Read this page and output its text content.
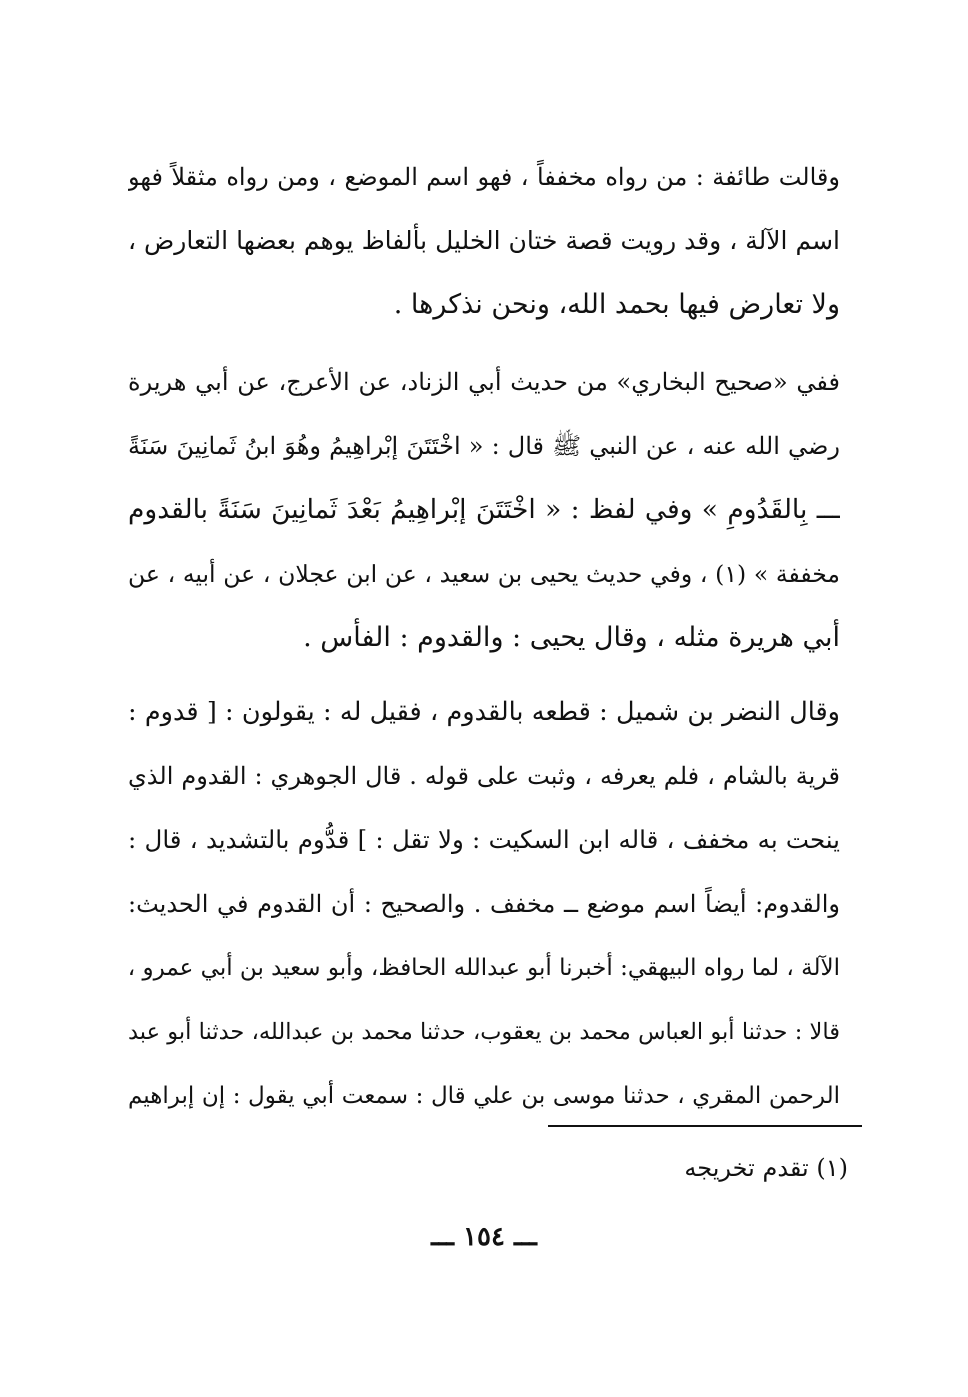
وقالت طائفة : من رواه مخففاً ، فهو اسم الموضع ، ومن رواه مثقلاً فهو
اسم الآلة ، وقد رويت قصة ختان الخليل بألفاظ يوهم بعضها التعارض ،
ولا تعارض فيها بحمد الله، ونحن نذكرها .
ففي «صحيح البخاري» من حديث أبي الزناد، عن الأعرج، عن أبي هريرة
رضي الله عنه ، عن النبي ﷺ قال : « اخْتَتَنَ إبْراهِيمُ وهُوَ ابنُ ثَمانِينَ سَنَةً
ـــ بِالقَدُومِ » وفي لفظ : « اخْتَتَنَ إبْراهِيمُ بَعْدَ ثَمانِينَ سَنَةً بالقدوم
مخففة » (١) ، وفي حديث يحيى بن سعيد ، عن ابن عجلان ، عن أبيه ، عن
أبي هريرة مثله ، وقال يحيى : والقدوم : الفأس .
وقال النضر بن شميل : قطعه بالقدوم ، فقيل له : يقولون : [ قدوم :
قرية بالشام ، فلم يعرفه ، وثبت على قوله . قال الجوهري : القدوم الذي
ينحت به مخفف ، قاله ابن السكيت : ولا تقل : ] قدُّوم بالتشديد ، قال :
والقدوم: أيضاً اسم موضع ــ مخفف . والصحيح : أن القدوم في الحديث:
الآلة ، لما رواه البيهقي: أخبرنا أبو عبدالله الحافظ، وأبو سعيد بن أبي عمرو ،
قالا : حدثنا أبو العباس محمد بن يعقوب، حدثنا محمد بن عبدالله، حدثنا أبو عبد
الرحمن المقري ، حدثنا موسى بن علي قال : سمعت أبي يقول : إن إبراهيم
(١) تقدم تخريجه
ـــ ١٥٤ ـــ
